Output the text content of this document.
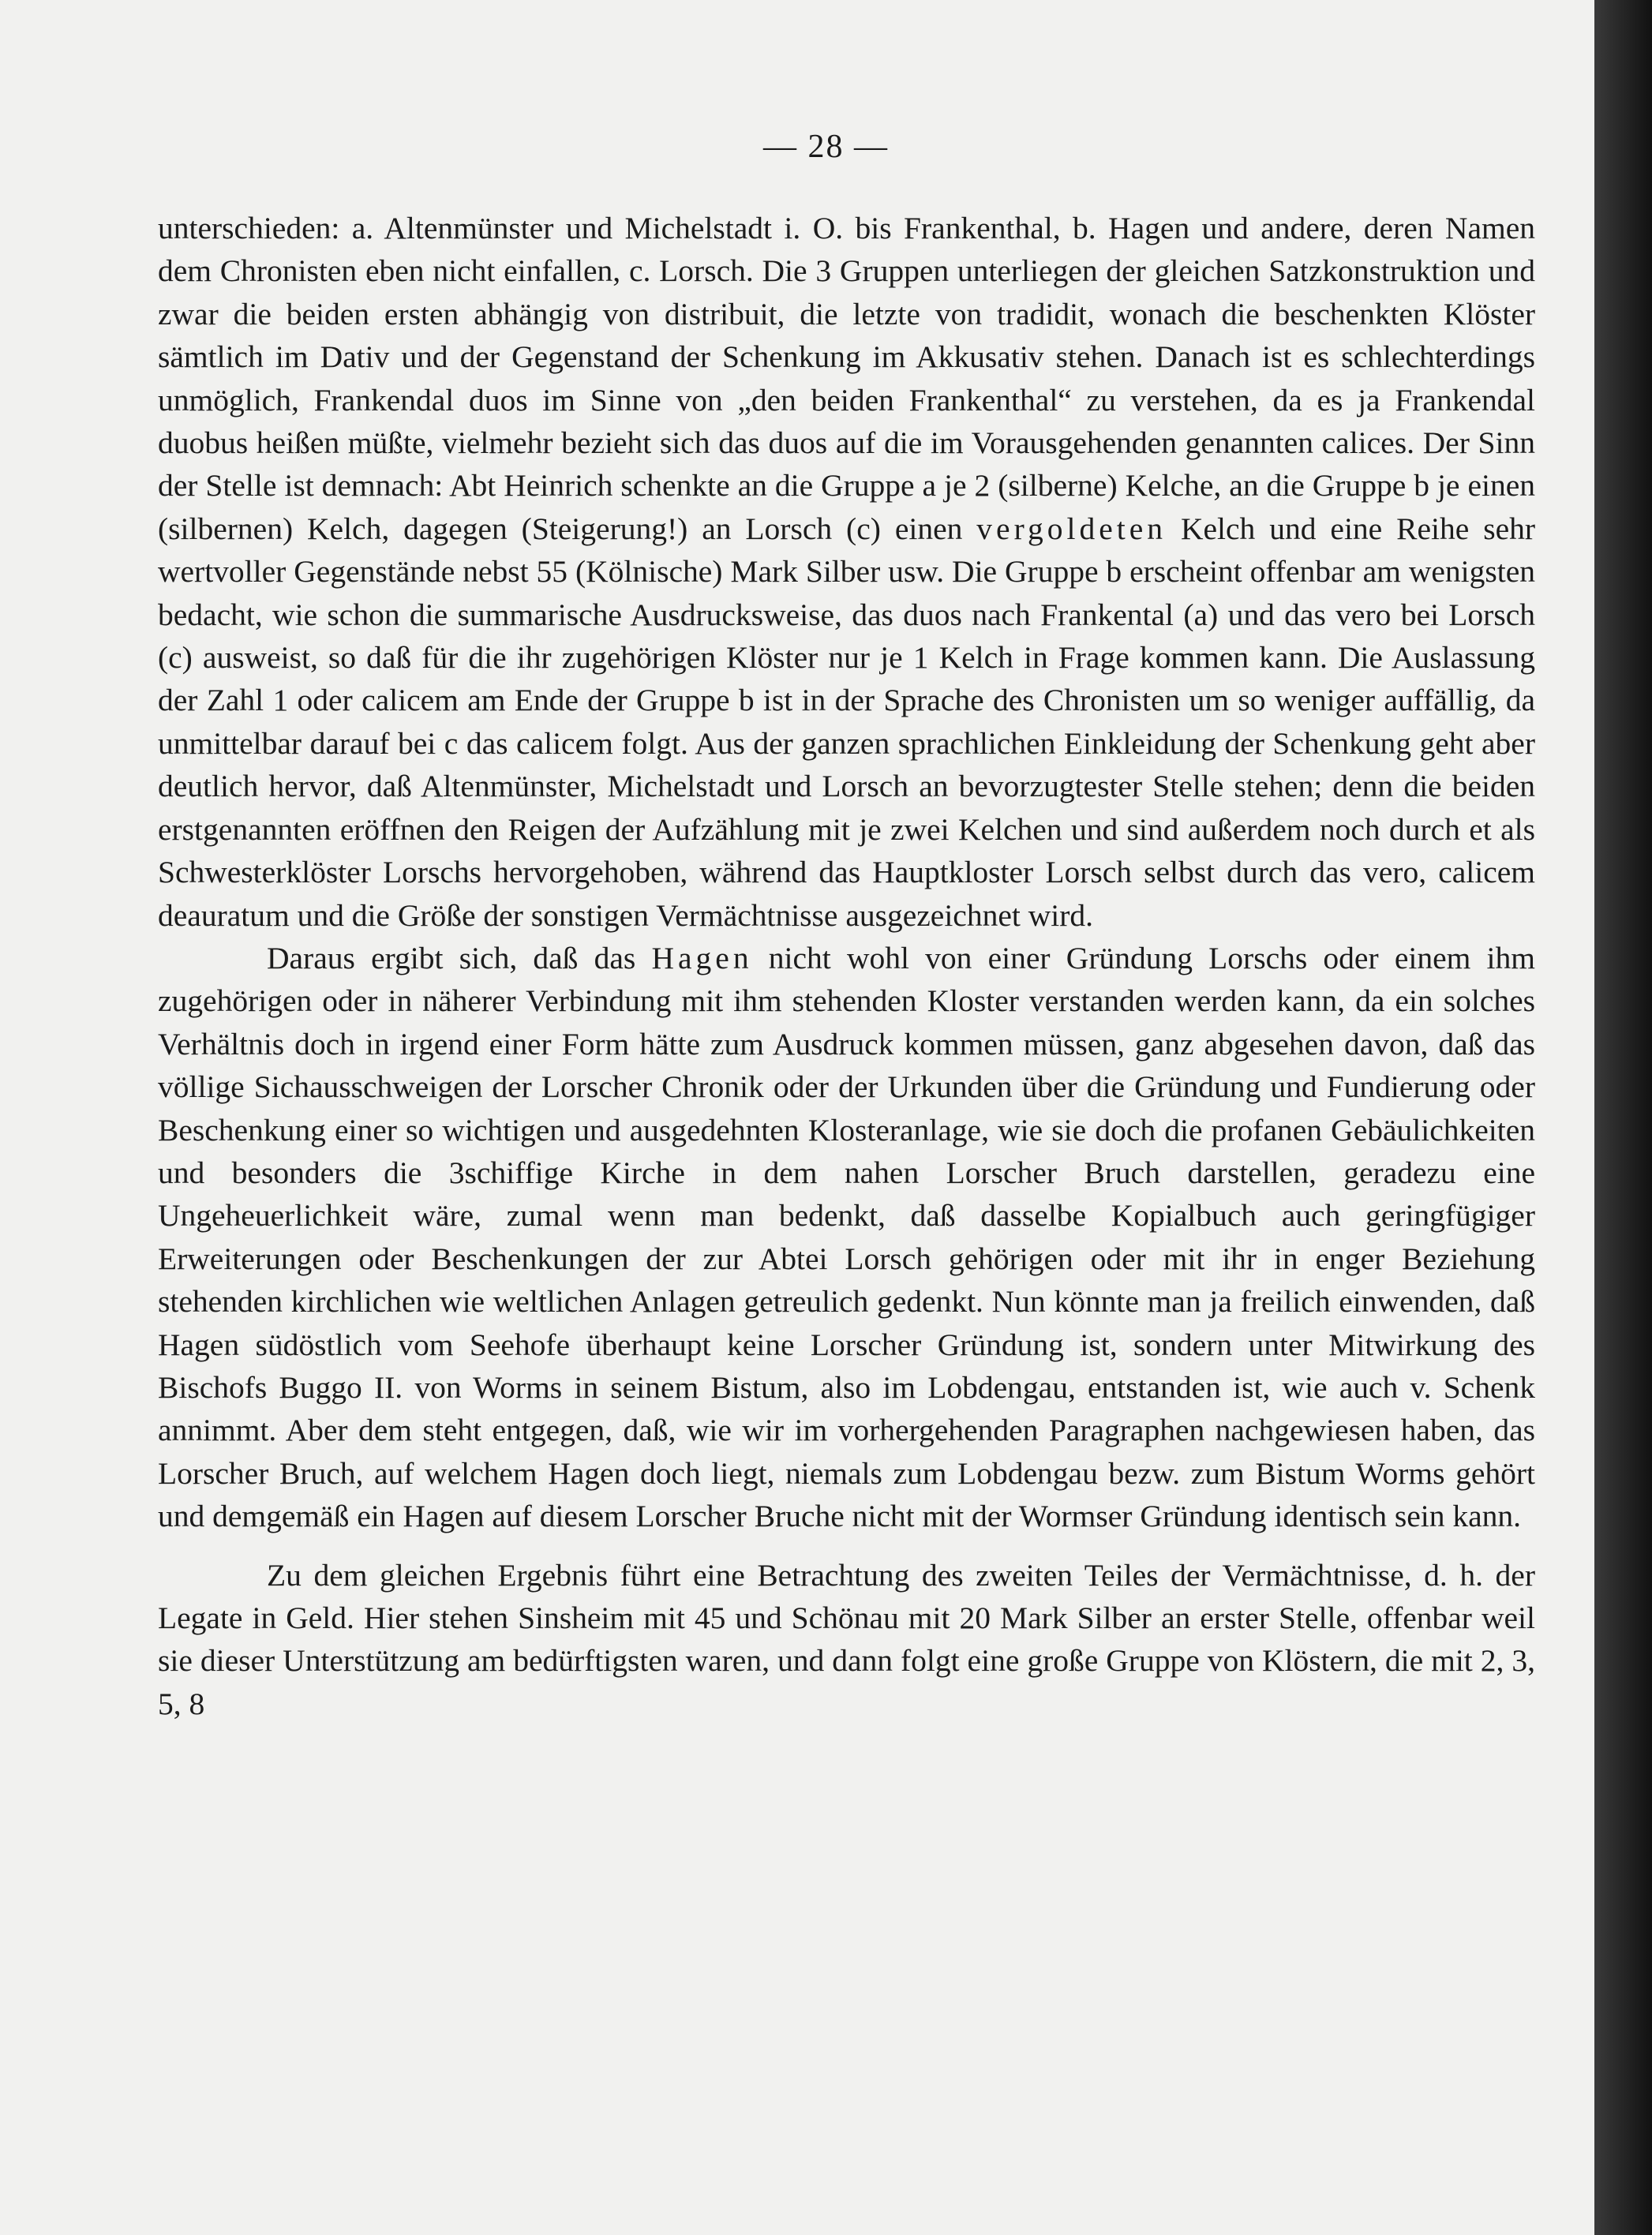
— 28 —

unterschieden: a. Altenmünster und Michelstadt i. O. bis Frankenthal, b. Hagen und andere, deren Namen dem Chronisten eben nicht einfallen, c. Lorsch. Die 3 Gruppen unterliegen der gleichen Satzkonstruktion und zwar die beiden ersten abhängig von distribuit, die letzte von tradidit, wonach die beschenkten Klöster sämtlich im Dativ und der Gegenstand der Schenkung im Akkusativ stehen. Danach ist es schlechterdings unmöglich, Frankendal duos im Sinne von „den beiden Frankenthal“ zu verstehen, da es ja Frankendal duobus heißen müßte, vielmehr bezieht sich das duos auf die im Vorausgehenden genannten calices. Der Sinn der Stelle ist demnach: Abt Heinrich schenkte an die Gruppe a je 2 (silberne) Kelche, an die Gruppe b je einen (silbernen) Kelch, dagegen (Steigerung!) an Lorsch (c) einen vergoldeten Kelch und eine Reihe sehr wertvoller Gegenstände nebst 55 (Kölnische) Mark Silber usw. Die Gruppe b erscheint offenbar am wenigsten bedacht, wie schon die summarische Ausdrucksweise, das duos nach Frankental (a) und das vero bei Lorsch (c) ausweist, so daß für die ihr zugehörigen Klöster nur je 1 Kelch in Frage kommen kann. Die Auslassung der Zahl 1 oder calicem am Ende der Gruppe b ist in der Sprache des Chronisten um so weniger auffällig, da unmittelbar darauf bei c das calicem folgt. Aus der ganzen sprachlichen Einkleidung der Schenkung geht aber deutlich hervor, daß Altenmünster, Michelstadt und Lorsch an bevorzugtester Stelle stehen; denn die beiden erstgenannten eröffnen den Reigen der Aufzählung mit je zwei Kelchen und sind außerdem noch durch et als Schwesterklöster Lorschs hervorgehoben, während das Hauptkloster Lorsch selbst durch das vero, calicem deauratum und die Größe der sonstigen Vermächtnisse ausgezeichnet wird.

Daraus ergibt sich, daß das Hagen nicht wohl von einer Gründung Lorschs oder einem ihm zugehörigen oder in näherer Verbindung mit ihm stehenden Kloster verstanden werden kann, da ein solches Verhältnis doch in irgend einer Form hätte zum Ausdruck kommen müssen, ganz abgesehen davon, daß das völlige Sichausschweigen der Lorscher Chronik oder der Urkunden über die Gründung und Fundierung oder Beschenkung einer so wichtigen und ausgedehnten Klosteranlage, wie sie doch die profanen Gebäulichkeiten und besonders die 3schiffige Kirche in dem nahen Lorscher Bruch darstellen, geradezu eine Ungeheuerlichkeit wäre, zumal wenn man bedenkt, daß dasselbe Kopialbuch auch geringfügiger Erweiterungen oder Beschenkungen der zur Abtei Lorsch gehörigen oder mit ihr in enger Beziehung stehenden kirchlichen wie weltlichen Anlagen getreulich gedenkt. Nun könnte man ja freilich einwenden, daß Hagen südöstlich vom Seehofe überhaupt keine Lorscher Gründung ist, sondern unter Mitwirkung des Bischofs Buggo II. von Worms in seinem Bistum, also im Lobdengau, entstanden ist, wie auch v. Schenk annimmt. Aber dem steht entgegen, daß, wie wir im vorhergehenden Paragraphen nachgewiesen haben, das Lorscher Bruch, auf welchem Hagen doch liegt, niemals zum Lobdengau bezw. zum Bistum Worms gehört und demgemäß ein Hagen auf diesem Lorscher Bruche nicht mit der Wormser Gründung identisch sein kann.

Zu dem gleichen Ergebnis führt eine Betrachtung des zweiten Teiles der Vermächtnisse, d. h. der Legate in Geld. Hier stehen Sinsheim mit 45 und Schönau mit 20 Mark Silber an erster Stelle, offenbar weil sie dieser Unterstützung am bedürftigsten waren, und dann folgt eine große Gruppe von Klöstern, die mit 2, 3, 5, 8
